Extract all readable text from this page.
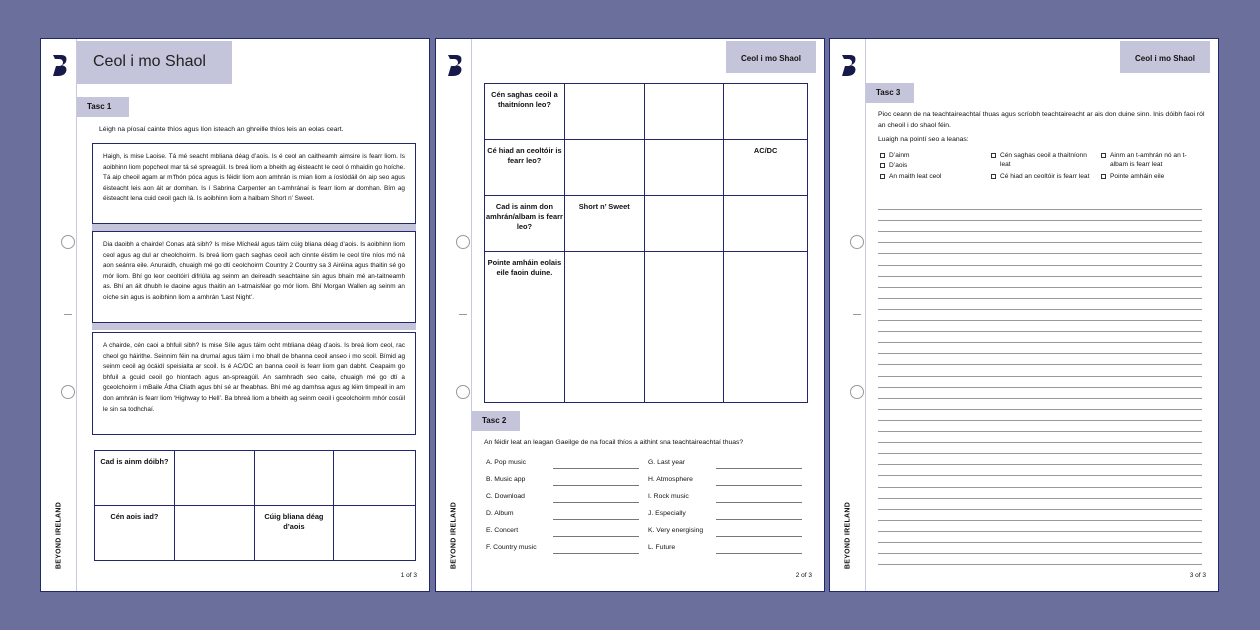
BEYOND IRELAND
Ceol i mo Shaol
Tasc 1
Léigh na píosaí cainte thíos agus líon isteach an ghreille thíos leis an eolas ceart.
Haigh, is mise Laoise. Tá mé seacht mbliana déag d’aois. Is é ceol an caitheamh aimsire is fearr liom. Is aoibhinn liom popcheol mar tá sé spreagúil. Is breá liom a bheith ag éisteacht le ceol ó mhaidin go hoíche. Tá aip cheoil agam ar m’fhón póca agus is féidir liom aon amhrán is mian liom a íoslódáil ón aip seo agus éisteacht leis aon áit ar domhan. Is í Sabrina Carpenter an t-amhránaí is fearr liom ar domhan. Bím ag éisteacht lena cuid ceoil gach lá. Is aoibhinn liom a halbam Short n’ Sweet.
Dia daoibh a chairde! Conas atá sibh? Is mise Mícheál agus táim cúig bliana déag d’aois. Is aoibhinn liom ceol agus ag dul ar cheolchoirm. Is breá liom gach saghas ceoil ach cinnte éistim le ceol tíre níos mó ná aon seánra eile. Anuraidh, chuaigh mé go dtí ceolchoirm Country 2 Country sa 3 Airéina agus thaitin sé go mór liom. Bhí go leor ceoltóirí difriúla ag seinm an deireadh seachtaine sin agus bhain mé an-taitneamh as. Bhí an áit dhubh le daoine agus thaitin an t-atmaisféar go mór liom. Bhí Morgan Wallen ag seinm an oíche sin agus is aoibhinn liom a amhrán ‘Last Night’.
A chairde, cén caoi a bhfuil sibh? Is mise Síle agus táim ocht mbliana déag d’aois. Is breá liom ceol, rac cheol go háirithe. Seinnim féin na drumaí agus táim i mo bhall de bhanna ceoil anseo i mo scoil. Bímid ag seinm ceoil ag ócáidí speisialta ar scoil. Is é AC/DC an banna ceoil is fearr liom gan dabht. Ceapaim go bhfuil a gcuid ceoil go hiontach agus an-spreagúil. An samhradh seo caite, chuaigh mé go dtí a gceolchoirm i mBaile Átha Cliath agus bhí sé ar fheabhas. Bhí mé ag damhsa agus ag léim timpeall in am don amhrán is fearr liom ‘Highway to Hell’. Ba bhreá liom a bheith ag seinm ceoil i gceolchoirm mhór cosúil le sin sa todhchaí.
Cad is ainm dóibh?			
Cén aois iad?		Cúig bliana déag d’aois	
1 of 3
BEYOND IRELAND
Ceol i mo Shaol
Cén saghas ceoil a thaitníonn leo?			
Cé hiad an ceoltóir is fearr leo?			AC/DC
Cad is ainm don amhrán/albam is fearr leo?	Short n’ Sweet		
Pointe amháin eolais eile faoin duine.			
Tasc 2
An féidir leat an leagan Gaeilge de na focail thíos a aithint sna teachtaireachtaí thuas?
A. Pop music
B. Music app
C. Download
D. Album
E. Concert
F. Country music
G. Last year
H. Atmosphere
I. Rock music
J. Especially
K. Very energising
L. Future
2 of 3
BEYOND IRELAND
Ceol i mo Shaol
Tasc 3
Pioc ceann de na teachtaireachtaí thuas agus scríobh teachtaireacht ar ais don duine sinn. Inis dóibh faoi ról an cheoil i do shaol féin.
Luaigh na pointí seo a leanas:
D’ainm
D’aois
An maith leat ceol
Cén saghas ceoil a thaitníonn leat
Cé hiad an ceoltóir is fearr leat
Ainm an t-amhrán nó an t-albam is fearr leat
Pointe amháin eile
3 of 3
